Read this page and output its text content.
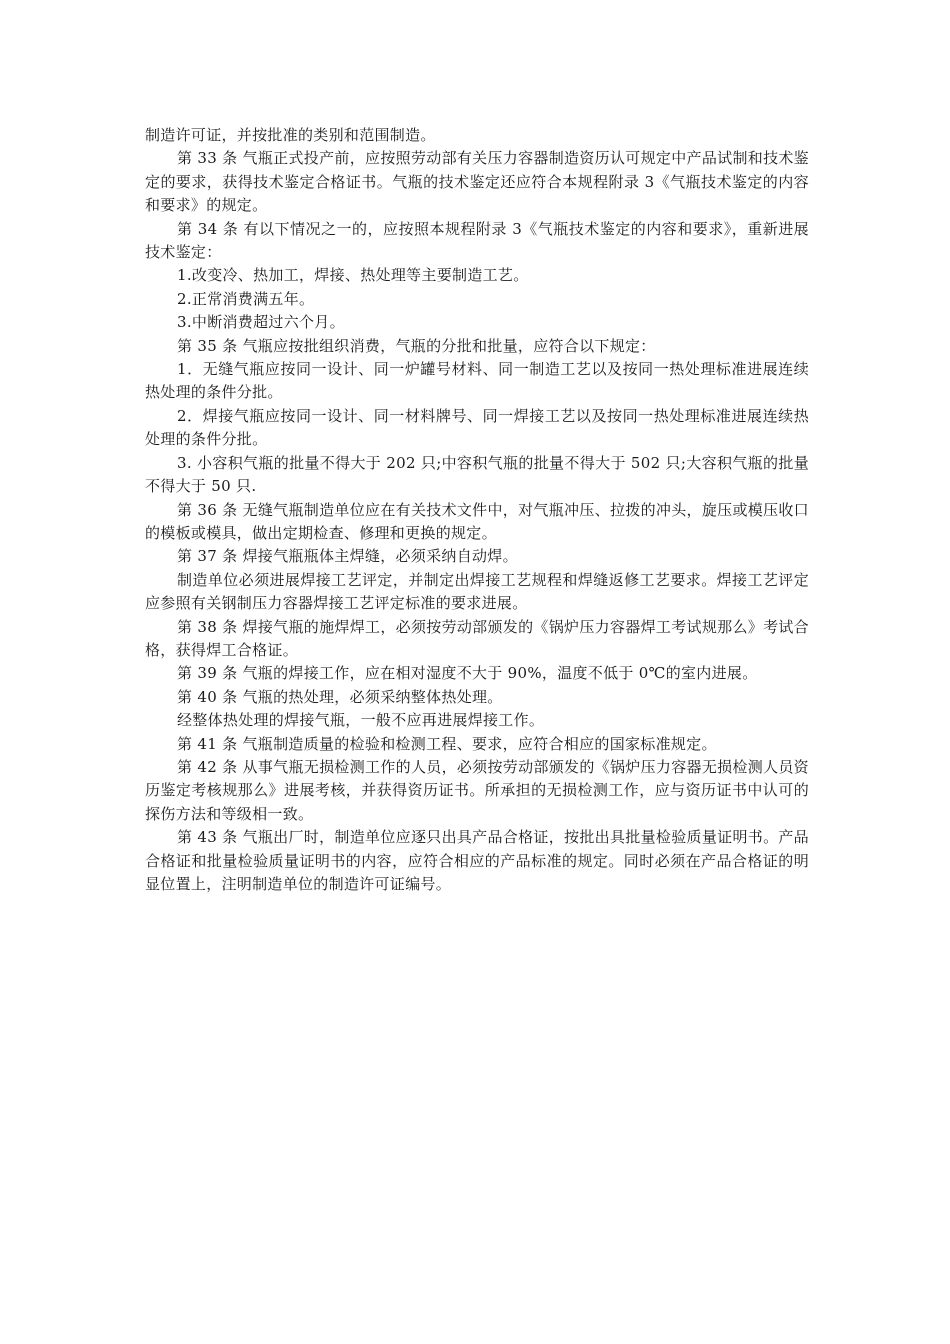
制造许可证，并按批准的类别和范围制造。

第 33 条 气瓶正式投产前，应按照劳动部有关压力容器制造资历认可规定中产品试制和技术鉴定的要求，获得技术鉴定合格证书。气瓶的技术鉴定还应符合本规程附录 3《气瓶技术鉴定的内容和要求》的规定。

第 34 条 有以下情况之一的，应按照本规程附录 3《气瓶技术鉴定的内容和要求》，重新进展技术鉴定：

1.改变冷、热加工，焊接、热处理等主要制造工艺。

2.正常消费满五年。

3.中断消费超过六个月。

第 35 条 气瓶应按批组织消费，气瓶的分批和批量，应符合以下规定：

1．无缝气瓶应按同一设计、同一炉罐号材料、同一制造工艺以及按同一热处理标准进展连续热处理的条件分批。

2．焊接气瓶应按同一设计、同一材料牌号、同一焊接工艺以及按同一热处理标准进展连续热处理的条件分批。

3. 小容积气瓶的批量不得大于 202 只;中容积气瓶的批量不得大于 502 只;大容积气瓶的批量不得大于 50 只.

第 36 条 无缝气瓶制造单位应在有关技术文件中，对气瓶冲压、拉拨的冲头，旋压或模压收口的模板或模具，做出定期检查、修理和更换的规定。

第 37 条 焊接气瓶瓶体主焊缝，必须采纳自动焊。

制造单位必须进展焊接工艺评定，并制定出焊接工艺规程和焊缝返修工艺要求。焊接工艺评定应参照有关钢制压力容器焊接工艺评定标准的要求进展。

第 38 条 焊接气瓶的施焊焊工，必须按劳动部颁发的《锅炉压力容器焊工考试规那么》考试合格，获得焊工合格证。

第 39 条 气瓶的焊接工作，应在相对湿度不大于 90%，温度不低于 0℃的室内进展。

第 40 条 气瓶的热处理，必须采纳整体热处理。

经整体热处理的焊接气瓶，一般不应再进展焊接工作。

第 41 条 气瓶制造质量的检验和检测工程、要求，应符合相应的国家标准规定。

第 42 条 从事气瓶无损检测工作的人员，必须按劳动部颁发的《锅炉压力容器无损检测人员资历鉴定考核规那么》进展考核，并获得资历证书。所承担的无损检测工作，应与资历证书中认可的探伤方法和等级相一致。

第 43 条 气瓶出厂时，制造单位应逐只出具产品合格证，按批出具批量检验质量证明书。产品合格证和批量检验质量证明书的内容，应符合相应的产品标准的规定。同时必须在产品合格证的明显位置上，注明制造单位的制造许可证编号。
